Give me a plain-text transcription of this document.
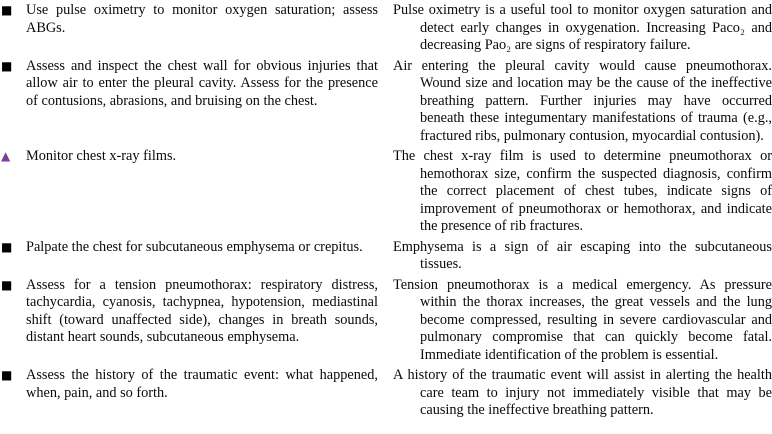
■ Use pulse oximetry to monitor oxygen saturation; assess ABGs.
Pulse oximetry is a useful tool to monitor oxygen saturation and detect early changes in oxygenation. Increasing Paco₂ and decreasing Pao₂ are signs of respiratory failure.
■ Assess and inspect the chest wall for obvious injuries that allow air to enter the pleural cavity. Assess for the presence of contusions, abrasions, and bruising on the chest.
Air entering the pleural cavity would cause pneumothorax. Wound size and location may be the cause of the ineffective breathing pattern. Further injuries may have occurred beneath these integumentary manifestations of trauma (e.g., fractured ribs, pulmonary contusion, myocardial contusion).
▲ Monitor chest x-ray films.	The chest x-ray film is used to determine pneumothorax or hemothorax size, confirm the suspected diagnosis, confirm the correct placement of chest tubes, indicate signs of improvement of pneumothorax or hemothorax, and indicate the presence of rib fractures.
■ Palpate the chest for subcutaneous emphysema or crepitus.	Emphysema is a sign of air escaping into the subcutaneous tissues.
■ Assess for a tension pneumothorax: respiratory distress, tachycardia, cyanosis, tachypnea, hypotension, mediastinal shift (toward unaffected side), changes in breath sounds, distant heart sounds, subcutaneous emphysema.
Tension pneumothorax is a medical emergency. As pressure within the thorax increases, the great vessels and the lung become compressed, resulting in severe cardiovascular and pulmonary compromise that can quickly become fatal. Immediate identification of the problem is essential.
■ Assess the history of the traumatic event: what happened, when, pain, and so forth.
A history of the traumatic event will assist in alerting the health care team to injury not immediately visible that may be causing the ineffective breathing pattern.
